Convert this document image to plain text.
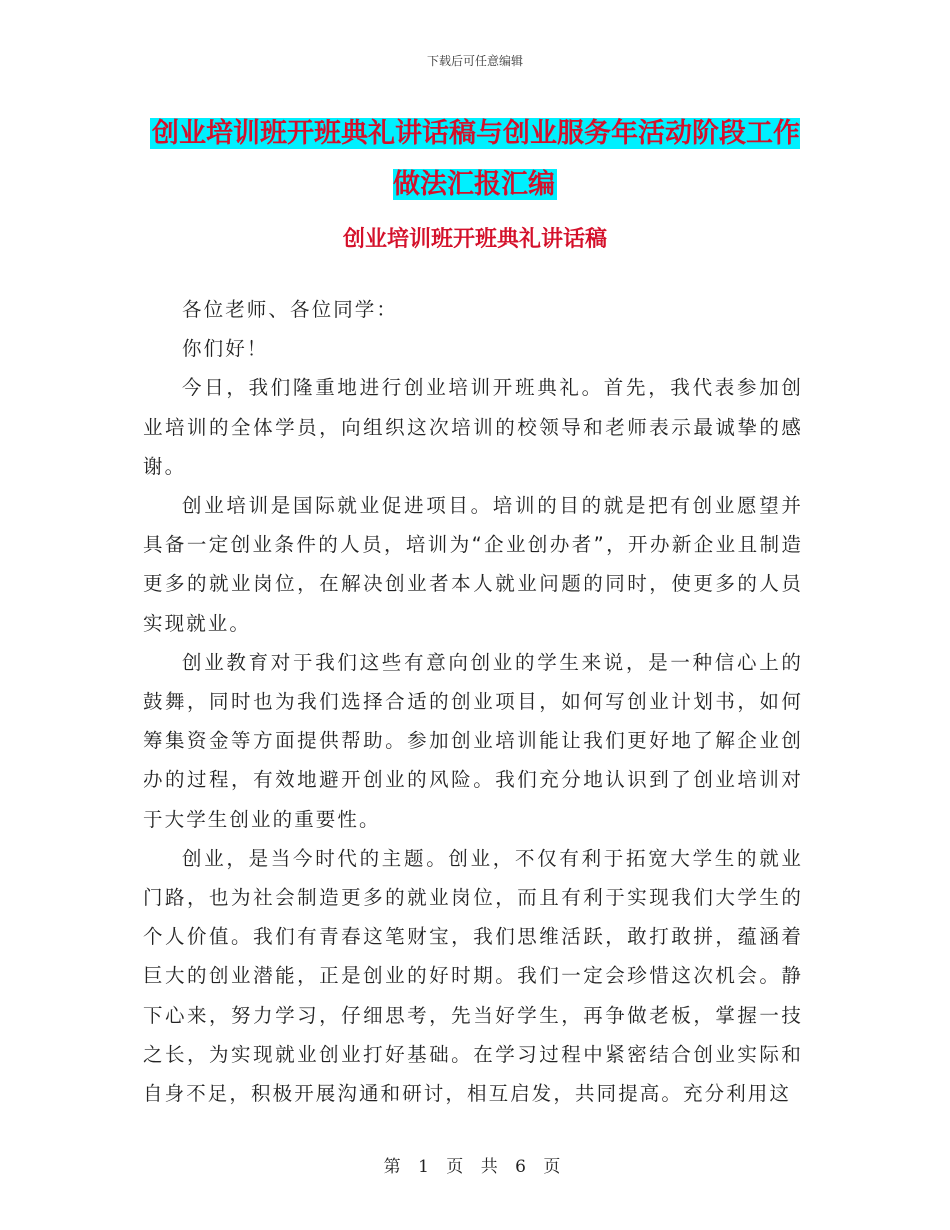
下载后可任意编辑
创业培训班开班典礼讲话稿与创业服务年活动阶段工作做法汇报汇编
创业培训班开班典礼讲话稿

各位老师、各位同学：

你们好！

今日，我们隆重地进行创业培训开班典礼。首先，我代表参加创业培训的全体学员，向组织这次培训的校领导和老师表示最诚挚的感谢。

创业培训是国际就业促进项目。培训的目的就是把有创业愿望并具备一定创业条件的人员，培训为“企业创办者”，开办新企业且制造更多的就业岗位，在解决创业者本人就业问题的同时，使更多的人员实现就业。

创业教育对于我们这些有意向创业的学生来说，是一种信心上的鼓舞，同时也为我们选择合适的创业项目，如何写创业计划书，如何筹集资金等方面提供帮助。参加创业培训能让我们更好地了解企业创办的过程，有效地避开创业的风险。我们充分地认识到了创业培训对于大学生创业的重要性。

创业，是当今时代的主题。创业，不仅有利于拓宽大学生的就业门路，也为社会制造更多的就业岗位，而且有利于实现我们大学生的个人价值。我们有青春这笔财宝，我们思维活跃，敢打敢拼，蕴涵着巨大的创业潜能，正是创业的好时期。我们一定会珍惜这次机会。静下心来，努力学习，仔细思考，先当好学生，再争做老板，掌握一技之长，为实现就业创业打好基础。在学习过程中紧密结合创业实际和自身不足，积极开展沟通和研讨，相互启发，共同提高。充分利用这

第 1 页 共 6 页
